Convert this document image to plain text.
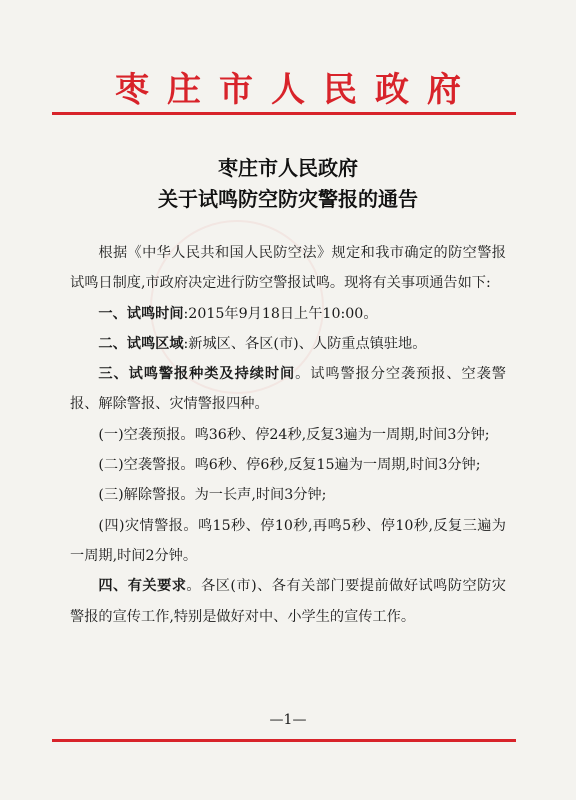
枣庄市人民政府
枣庄市人民政府
关于试鸣防空防灾警报的通告

根据《中华人民共和国人民防空法》规定和我市确定的防空警报试鸣日制度,市政府决定进行防空警报试鸣。现将有关事项通告如下:

一、试鸣时间:2015年9月18日上午10:00。

二、试鸣区域:新城区、各区(市)、人防重点镇驻地。

三、试鸣警报种类及持续时间。试鸣警报分空袭预报、空袭警报、解除警报、灾情警报四种。

(一)空袭预报。鸣36秒、停24秒,反复3遍为一周期,时间3分钟;

(二)空袭警报。鸣6秒、停6秒,反复15遍为一周期,时间3分钟;

(三)解除警报。为一长声,时间3分钟;

(四)灾情警报。鸣15秒、停10秒,再鸣5秒、停10秒,反复三遍为一周期,时间2分钟。

四、有关要求。各区(市)、各有关部门要提前做好试鸣防空防灾警报的宣传工作,特别是做好对中、小学生的宣传工作。

—1—
